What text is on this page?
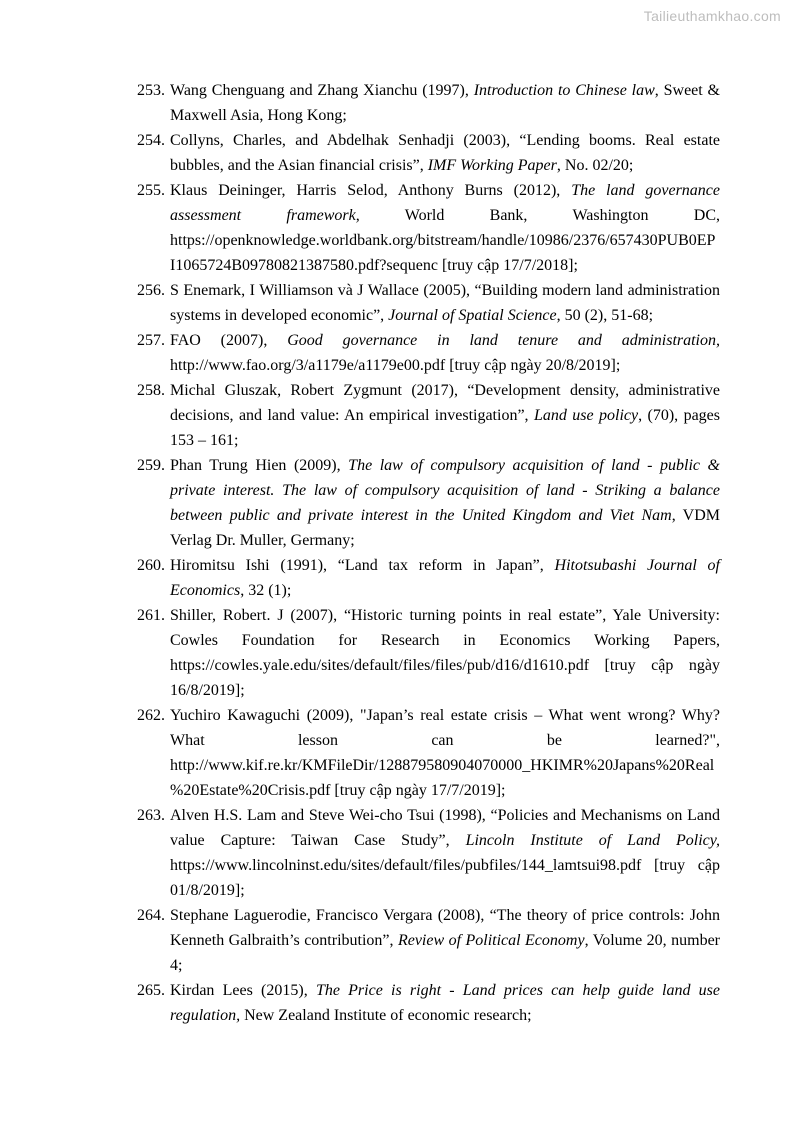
Tailieuthamkhao.com
253. Wang Chenguang and Zhang Xianchu (1997), Introduction to Chinese law, Sweet & Maxwell Asia, Hong Kong;
254. Collyns, Charles, and Abdelhak Senhadji (2003), “Lending booms. Real estate bubbles, and the Asian financial crisis”, IMF Working Paper, No. 02/20;
255. Klaus Deininger, Harris Selod, Anthony Burns (2012), The land governance assessment framework, World Bank, Washington DC, https://openknowledge.worldbank.org/bitstream/handle/10986/2376/657430PUB0EPI1065724B09780821387580.pdf?sequenc [truy cập 17/7/2018];
256. S Enemark, I Williamson và J Wallace (2005), “Building modern land administration systems in developed economic”, Journal of Spatial Science, 50 (2), 51-68;
257. FAO (2007), Good governance in land tenure and administration, http://www.fao.org/3/a1179e/a1179e00.pdf [truy cập ngày 20/8/2019];
258. Michal Gluszak, Robert Zygmunt (2017), “Development density, administrative decisions, and land value: An empirical investigation”, Land use policy, (70), pages 153 – 161;
259. Phan Trung Hien (2009), The law of compulsory acquisition of land - public & private interest. The law of compulsory acquisition of land - Striking a balance between public and private interest in the United Kingdom and Viet Nam, VDM Verlag Dr. Muller, Germany;
260. Hiromitsu Ishi (1991), “Land tax reform in Japan”, Hitotsubashi Journal of Economics, 32 (1);
261. Shiller, Robert. J (2007), “Historic turning points in real estate”, Yale University: Cowles Foundation for Research in Economics Working Papers, https://cowles.yale.edu/sites/default/files/files/pub/d16/d1610.pdf [truy cập ngày 16/8/2019];
262. Yuchiro Kawaguchi (2009), "Japan’s real estate crisis – What went wrong? Why? What lesson can be learned?", http://www.kif.re.kr/KMFileDir/128879580904070000_HKIMR%20Japans%20Real%20Estate%20Crisis.pdf [truy cập ngày 17/7/2019];
263. Alven H.S. Lam and Steve Wei-cho Tsui (1998), “Policies and Mechanisms on Land value Capture: Taiwan Case Study”, Lincoln Institute of Land Policy, https://www.lincolninst.edu/sites/default/files/pubfiles/144_lamtsui98.pdf [truy cập 01/8/2019];
264. Stephane Laguerodie, Francisco Vergara (2008), “The theory of price controls: John Kenneth Galbraith’s contribution”, Review of Political Economy, Volume 20, number 4;
265. Kirdan Lees (2015), The Price is right - Land prices can help guide land use regulation, New Zealand Institute of economic research;
